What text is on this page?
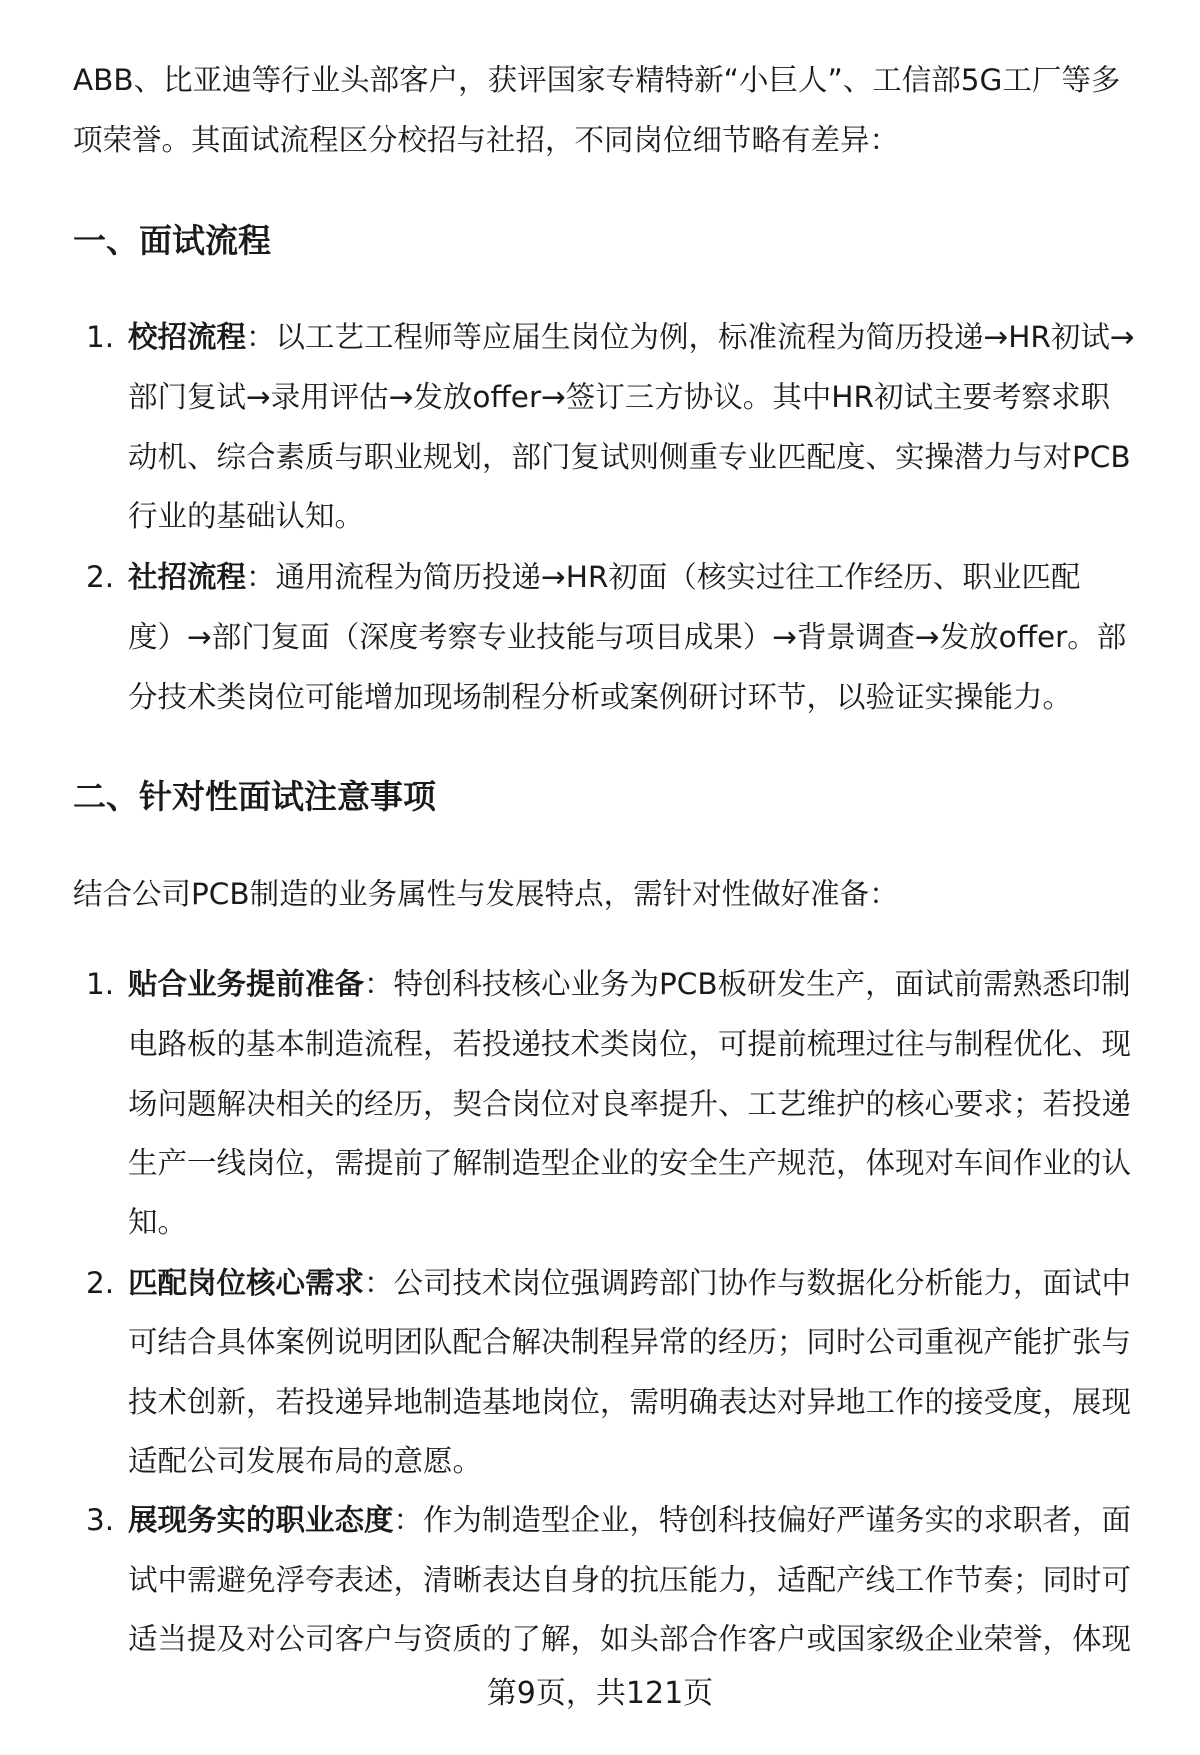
ABB、比亚迪等行业头部客户，获评国家专精特新“小巨人”、工信部5G工厂等多
项荣誉。其面试流程区分校招与社招，不同岗位细节略有差异：
一、面试流程
1. 校招流程：以工艺工程师等应届生岗位为例，标准流程为简历投递→HR初试→
部门复试→录用评估→发放offer→签订三方协议。其中HR初试主要考察求职
动机、综合素质与职业规划，部门复试则侧重专业匹配度、实操潜力与对PCB
行业的基础认知。
2. 社招流程：通用流程为简历投递→HR初面（核实过往工作经历、职业匹配
度）→部门复面（深度考察专业技能与项目成果）→背景调查→发放offer。部
分技术类岗位可能增加现场制程分析或案例研讨环节，以验证实操能力。
二、针对性面试注意事项
结合公司PCB制造的业务属性与发展特点，需针对性做好准备：
1. 贴合业务提前准备：特创科技核心业务为PCB板研发生产，面试前需熟悉印制
电路板的基本制造流程，若投递技术类岗位，可提前梳理过往与制程优化、现
场问题解决相关的经历，契合岗位对良率提升、工艺维护的核心要求；若投递
生产一线岗位，需提前了解制造型企业的安全生产规范，体现对车间作业的认
知。
2. 匹配岗位核心需求：公司技术岗位强调跨部门协作与数据化分析能力，面试中
可结合具体案例说明团队配合解决制程异常的经历；同时公司重视产能扩张与
技术创新，若投递异地制造基地岗位，需明确表达对异地工作的接受度，展现
适配公司发展布局的意愿。
3. 展现务实的职业态度：作为制造型企业，特创科技偏好严谨务实的求职者，面
试中需避免浮夸表述，清晰表达自身的抗压能力，适配产线工作节奏；同时可
适当提及对公司客户与资质的了解，如头部合作客户或国家级企业荣誉，体现
第9页，共121页
